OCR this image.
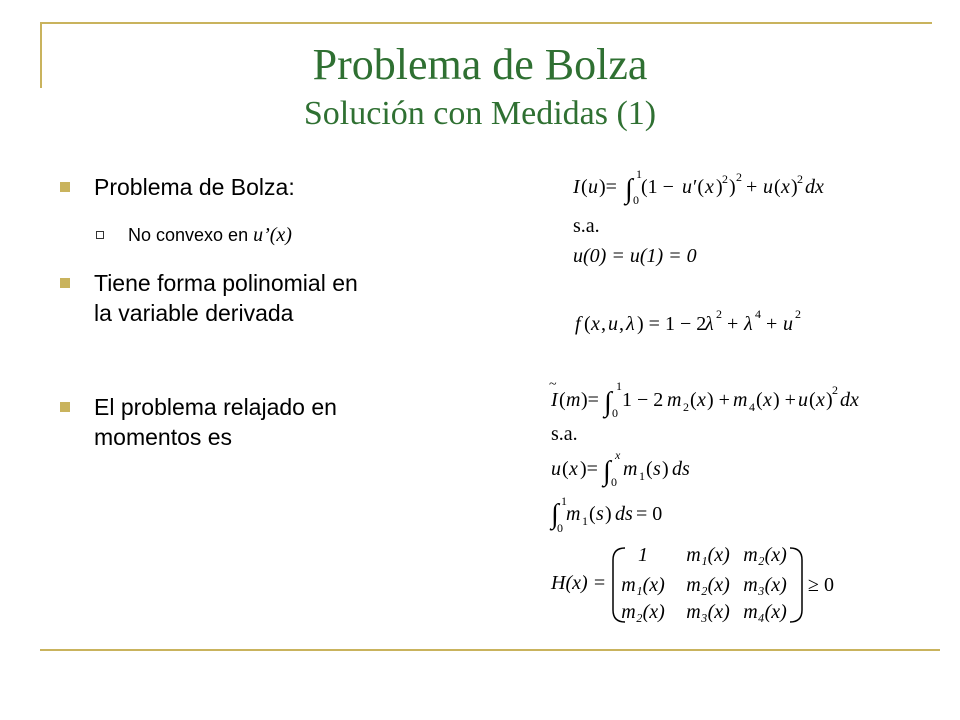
Problema de Bolza
Solución con Medidas (1)
Problema de Bolza:
No convexo en u’(x)
Tiene forma polinomial en
la variable derivada
El problema relajado en
momentos es
I ( u )= ∫ 1
0
(1 − u ′( x ) 2 ) 2 + u ( x ) 2 dx
s.a.
u(0) = u(1) = 0
f ( x , u , λ ) = 1 − 2
λ 2 + λ 4 + u 2
I
~
( m )= ∫
1
0
1 − 2 m 2 ( x ) + m 4 ( x ) + u ( x ) 2 dx
s.a.
u ( x )= ∫
x
0
m 1 ( s ) ds
∫ 1
0
m 1 ( s ) ds = 0
H(x) =
1 m₁(x) m₂(x)
m₁(x) m₂(x) m₃(x)
m₂(x) m₃(x) m₄(x)
≥ 0
